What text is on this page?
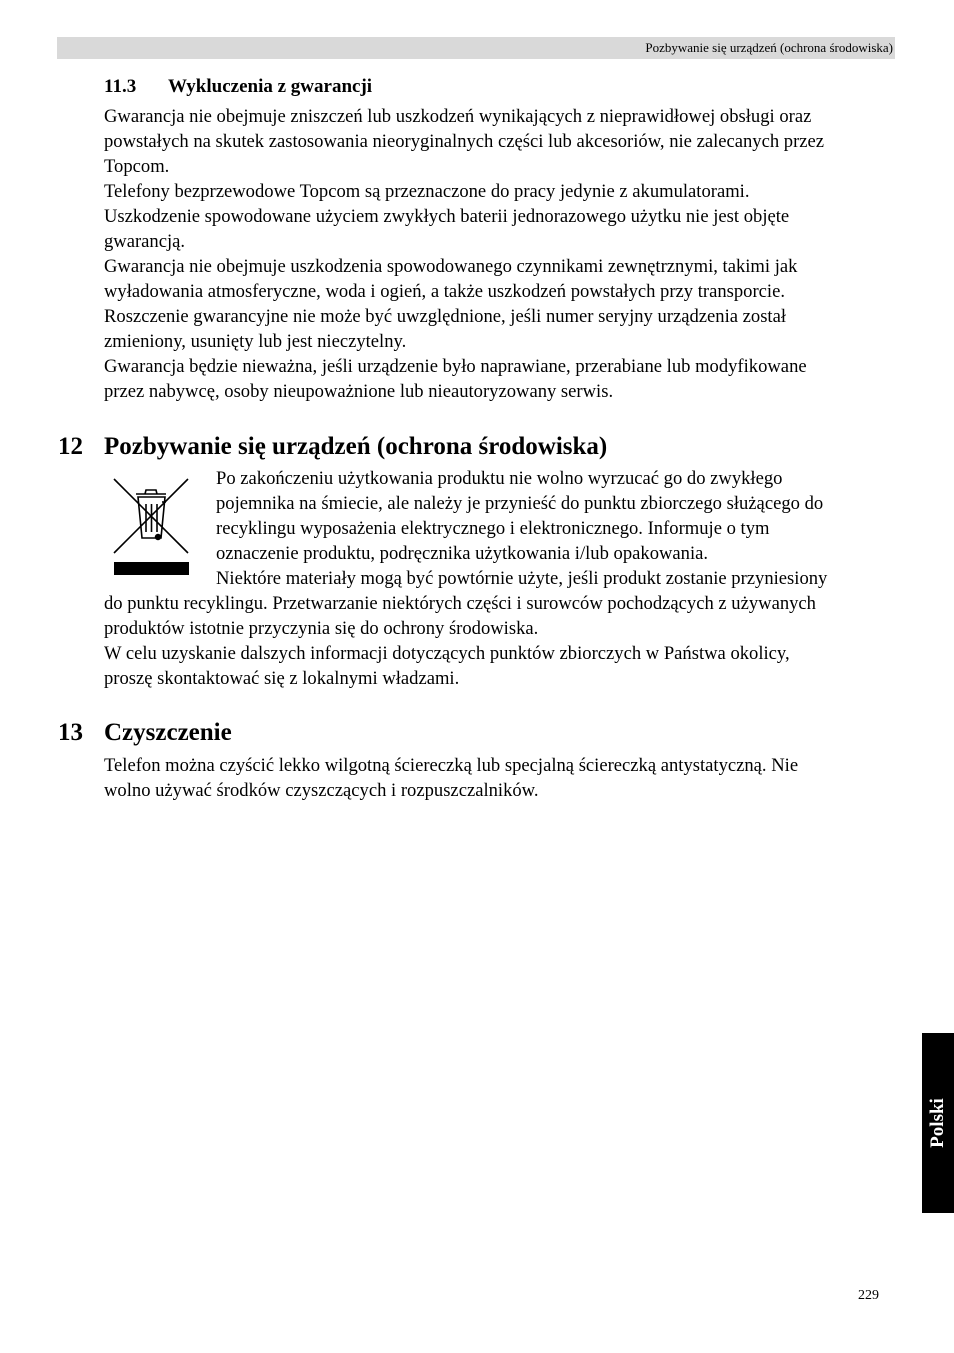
Pozbywanie się urządzeń (ochrona środowiska)
11.3 Wykluczenia z gwarancji

Gwarancja nie obejmuje zniszczeń lub uszkodzeń wynikających z nieprawidłowej obsługi oraz

powstałych na skutek zastosowania nieoryginalnych części lub akcesoriów, nie zalecanych przez

Topcom.

Telefony bezprzewodowe Topcom są przeznaczone do pracy jedynie z akumulatorami.

Uszkodzenie spowodowane użyciem zwykłych baterii jednorazowego użytku nie jest objęte

gwarancją.

Gwarancja nie obejmuje uszkodzenia spowodowanego czynnikami zewnętrznymi, takimi jak

wyładowania atmosferyczne, woda i ogień, a także uszkodzeń powstałych przy transporcie.

Roszczenie gwarancyjne nie może być uwzględnione, jeśli numer seryjny urządzenia został

zmieniony, usunięty lub jest nieczytelny.

Gwarancja będzie nieważna, jeśli urządzenie było naprawiane, przerabiane lub modyfikowane

przez nabywcę, osoby nieupoważnione lub nieautoryzowany serwis.

12 Pozbywanie się urządzeń (ochrona środowiska)

Po zakończeniu użytkowania produktu nie wolno wyrzucać go do zwykłego

pojemnika na śmiecie, ale należy je przynieść do punktu zbiorczego służącego do

recyklingu wyposażenia elektrycznego i elektronicznego. Informuje o tym

oznaczenie produktu, podręcznika użytkowania i/lub opakowania.

Niektóre materiały mogą być powtórnie użyte, jeśli produkt zostanie przyniesiony

do punktu recyklingu. Przetwarzanie niektórych części i surowców pochodzących z używanych

produktów istotnie przyczynia się do ochrony środowiska.

W celu uzyskanie dalszych informacji dotyczących punktów zbiorczych w Państwa okolicy,

proszę skontaktować się z lokalnymi władzami.

13 Czyszczenie

Telefon można czyścić lekko wilgotną ściereczką lub specjalną ściereczką antystatyczną. Nie

wolno używać środków czyszczących i rozpuszczalników.

Polski
229
